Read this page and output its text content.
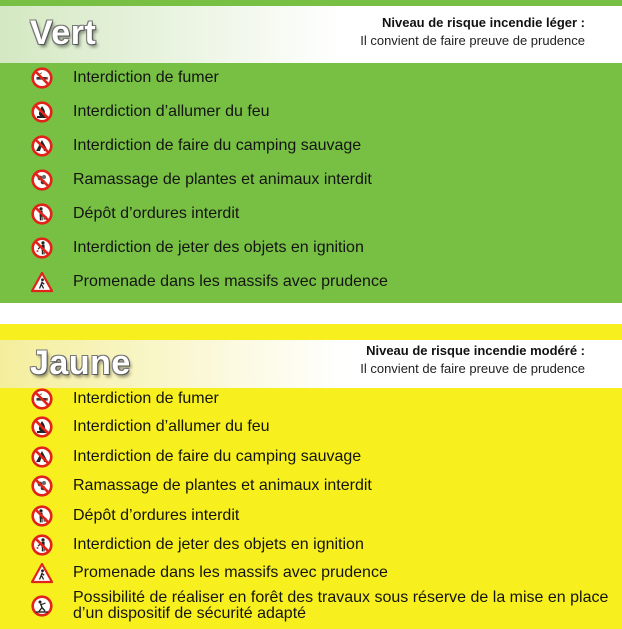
Vert	Niveau de risque incendie léger :
Il convient de faire preuve de prudence
Interdiction de fumer
Interdiction d’allumer du feu
Interdiction de faire du camping sauvage
Ramassage de plantes et animaux interdit
Dépôt d’ordures interdit
Interdiction de jeter des objets en ignition
Promenade dans les massifs avec prudence
Jaune	Niveau de risque incendie modéré :
Il convient de faire preuve de prudence
Interdiction de fumer
Interdiction d’allumer du feu
Interdiction de faire du camping sauvage
Ramassage de plantes et animaux interdit
Dépôt d’ordures interdit
Interdiction de jeter des objets en ignition
Promenade dans les massifs avec prudence
Possibilité de réaliser en forêt des travaux sous réserve de la mise en place d’un dispositif de sécurité adapté
